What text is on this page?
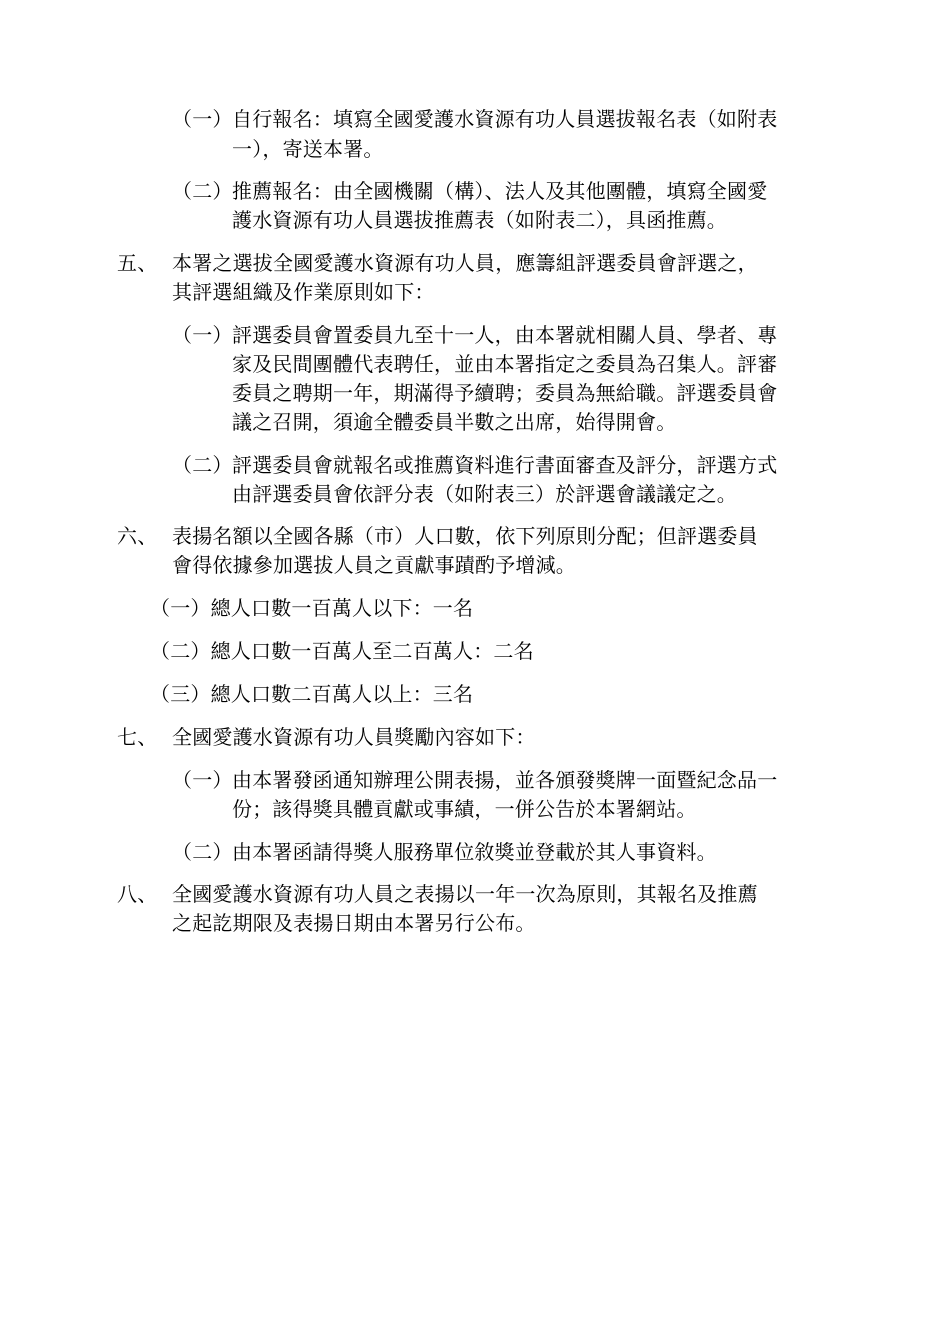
（一） 自行報名：填寫全國愛護水資源有功人員選拔報名表（如附表
一），寄送本署。
（二） 推薦報名：由全國機關（構）、法人及其他團體，填寫全國愛
護水資源有功人員選拔推薦表（如附表二），具函推薦。
五、 本署之選拔全國愛護水資源有功人員，應籌組評選委員會評選之，
其評選組織及作業原則如下：
（一） 評選委員會置委員九至十一人，由本署就相關人員、學者、專
家及民間團體代表聘任，並由本署指定之委員為召集人。評審
委員之聘期一年，期滿得予續聘；委員為無給職。評選委員會
議之召開，須逾全體委員半數之出席，始得開會。
（二） 評選委員會就報名或推薦資料進行書面審查及評分，評選方式
由評選委員會依評分表（如附表三）於評選會議議定之。
六、 表揚名額以全國各縣（市）人口數，依下列原則分配；但評選委員
會得依據參加選拔人員之貢獻事蹟酌予增減。
（一）總人口數一百萬人以下：一名
（二）總人口數一百萬人至二百萬人：二名
（三）總人口數二百萬人以上：三名
七、 全國愛護水資源有功人員獎勵內容如下：
（一） 由本署發函通知辦理公開表揚，並各頒發獎牌一面暨紀念品一
份；該得獎具體貢獻或事績，一併公告於本署網站。
（二） 由本署函請得獎人服務單位敘獎並登載於其人事資料。
八、 全國愛護水資源有功人員之表揚以一年一次為原則，其報名及推薦
之起訖期限及表揚日期由本署另行公布。
